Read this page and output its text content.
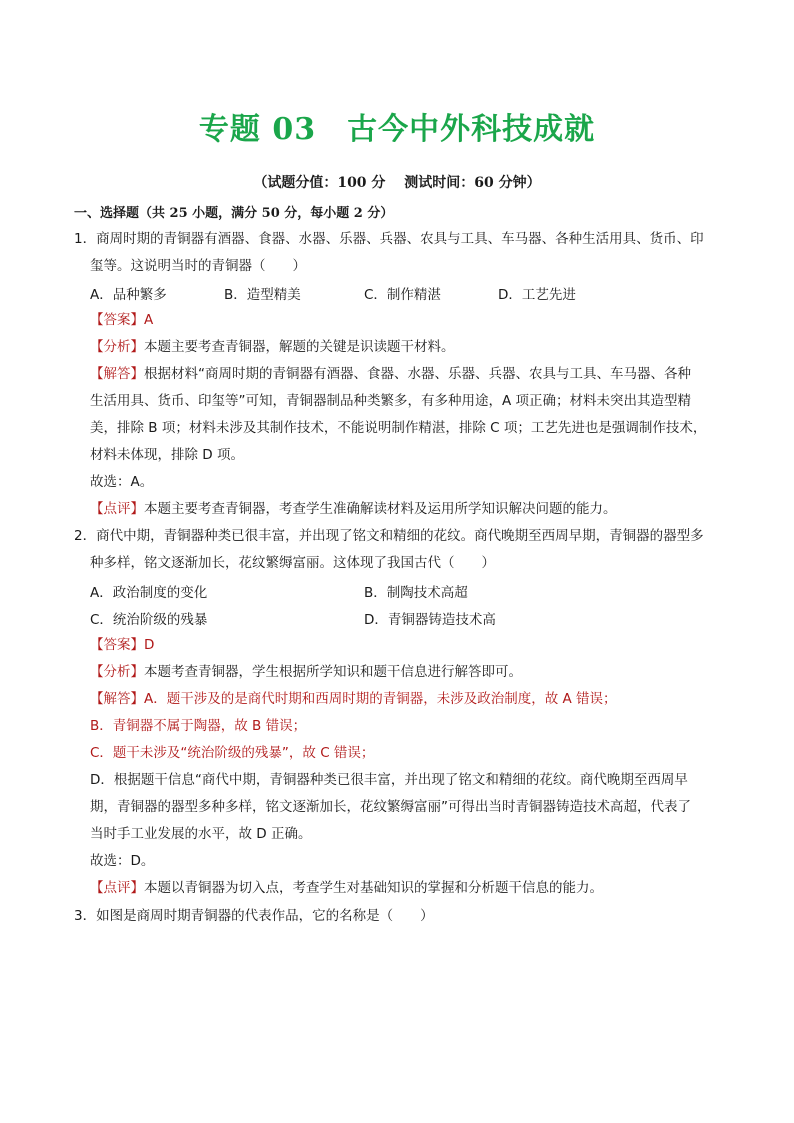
专题 03　古今中外科技成就
（试题分值：100 分　 测试时间：60 分钟）
一、选择题（共 25 小题，满分 50 分，每小题 2 分）
1．商周时期的青铜器有酒器、食器、水器、乐器、兵器、农具与工具、车马器、各种生活用具、货币、印
玺等。这说明当时的青铜器（　　）
A．品种繁多	B．造型精美	C．制作精湛	D．工艺先进
【答案】A
【分析】本题主要考查青铜器，解题的关键是识读题干材料。
【解答】根据材料“商周时期的青铜器有酒器、食器、水器、乐器、兵器、农具与工具、车马器、各种
生活用具、货币、印玺等”可知，青铜器制品种类繁多，有多种用途，A 项正确；材料未突出其造型精
美，排除 B 项；材料未涉及其制作技术，不能说明制作精湛，排除 C 项；工艺先进也是强调制作技术，
材料未体现，排除 D 项。
故选：A。
【点评】本题主要考查青铜器，考查学生准确解读材料及运用所学知识解决问题的能力。
2．商代中期，青铜器种类已很丰富，并出现了铭文和精细的花纹。商代晚期至西周早期，青铜器的器型多
种多样，铭文逐渐加长，花纹繁缛富丽。这体现了我国古代（　　）
A．政治制度的变化	B．制陶技术高超
C．统治阶级的残暴	D．青铜器铸造技术高
【答案】D
【分析】本题考查青铜器，学生根据所学知识和题干信息进行解答即可。
【解答】A．题干涉及的是商代时期和西周时期的青铜器，未涉及政治制度，故 A 错误；
B．青铜器不属于陶器，故 B 错误；
C．题干未涉及“统治阶级的残暴”，故 C 错误；
D．根据题干信息“商代中期，青铜器种类已很丰富，并出现了铭文和精细的花纹。商代晚期至西周早
期，青铜器的器型多种多样，铭文逐渐加长，花纹繁缛富丽”可得出当时青铜器铸造技术高超，代表了
当时手工业发展的水平，故 D 正确。
故选：D。
【点评】本题以青铜器为切入点，考查学生对基础知识的掌握和分析题干信息的能力。
3．如图是商周时期青铜器的代表作品，它的名称是（　　）
